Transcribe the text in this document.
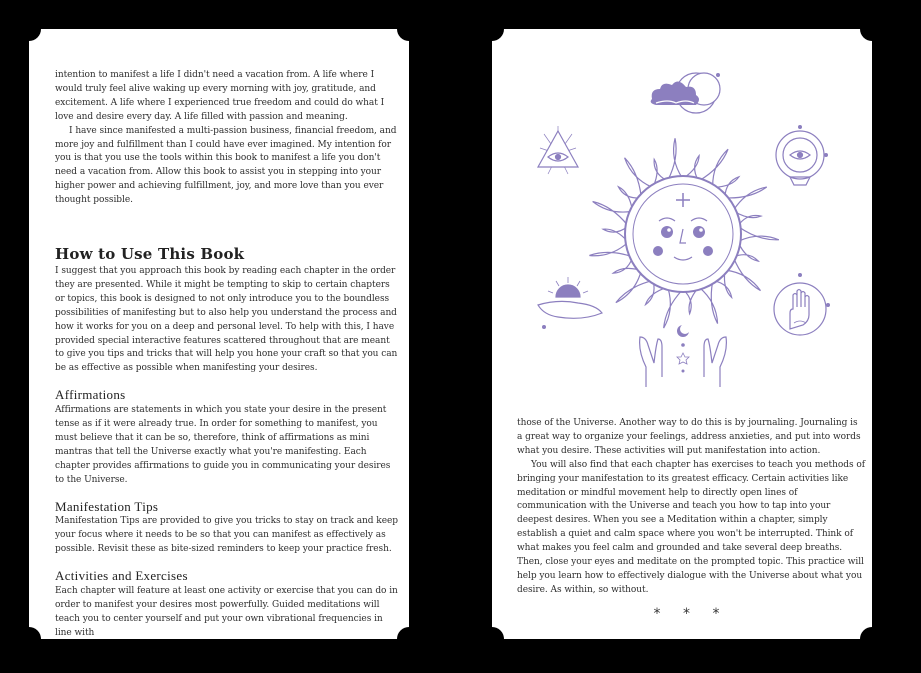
intention to manifest a life I didn't need a vacation from. A life where I would truly feel alive waking up every morning with joy, gratitude, and excitement. A life where I experienced true freedom and could do what I love and desire every day. A life filled with passion and meaning.

I have since manifested a multi-passion business, financial freedom, and more joy and fulfillment than I could have ever imagined. My intention for you is that you use the tools within this book to manifest a life you don't need a vacation from. Allow this book to assist you in stepping into your higher power and achieving fulfillment, joy, and more love than you ever thought possible.

How to Use This Book

I suggest that you approach this book by reading each chapter in the order they are presented. While it might be tempting to skip to certain chapters or topics, this book is designed to not only introduce you to the boundless possibilities of manifesting but to also help you understand the process and how it works for you on a deep and personal level. To help with this, I have provided special interactive features scattered throughout that are meant to give you tips and tricks that will help you hone your craft so that you can be as effective as possible when manifesting your desires.

Affirmations

Affirmations are statements in which you state your desire in the present tense as if it were already true. In order for something to manifest, you must believe that it can be so, therefore, think of affirmations as mini mantras that tell the Universe exactly what you're manifesting. Each chapter provides affirmations to guide you in communicating your desires to the Universe.

Manifestation Tips

Manifestation Tips are provided to give you tricks to stay on track and keep your focus where it needs to be so that you can manifest as effectively as possible. Revisit these as bite-sized reminders to keep your practice fresh.

Activities and Exercises

Each chapter will feature at least one activity or exercise that you can do in order to manifest your desires most powerfully. Guided meditations will teach you to center yourself and put your own vibrational frequencies in line with

those of the Universe. Another way to do this is by journaling. Journaling is a great way to organize your feelings, address anxieties, and put into words what you desire. These activities will put manifestation into action.

You will also find that each chapter has exercises to teach you methods of bringing your manifestation to its greatest efficacy. Certain activities like meditation or mindful movement help to directly open lines of communication with the Universe and teach you how to tap into your deepest desires. When you see a Meditation within a chapter, simply establish a quiet and calm space where you won't be interrupted. Think of what makes you feel calm and grounded and take several deep breaths. Then, close your eyes and meditate on the prompted topic. This practice will help you learn how to effectively dialogue with the Universe about what you desire. As within, so without.

* * *
